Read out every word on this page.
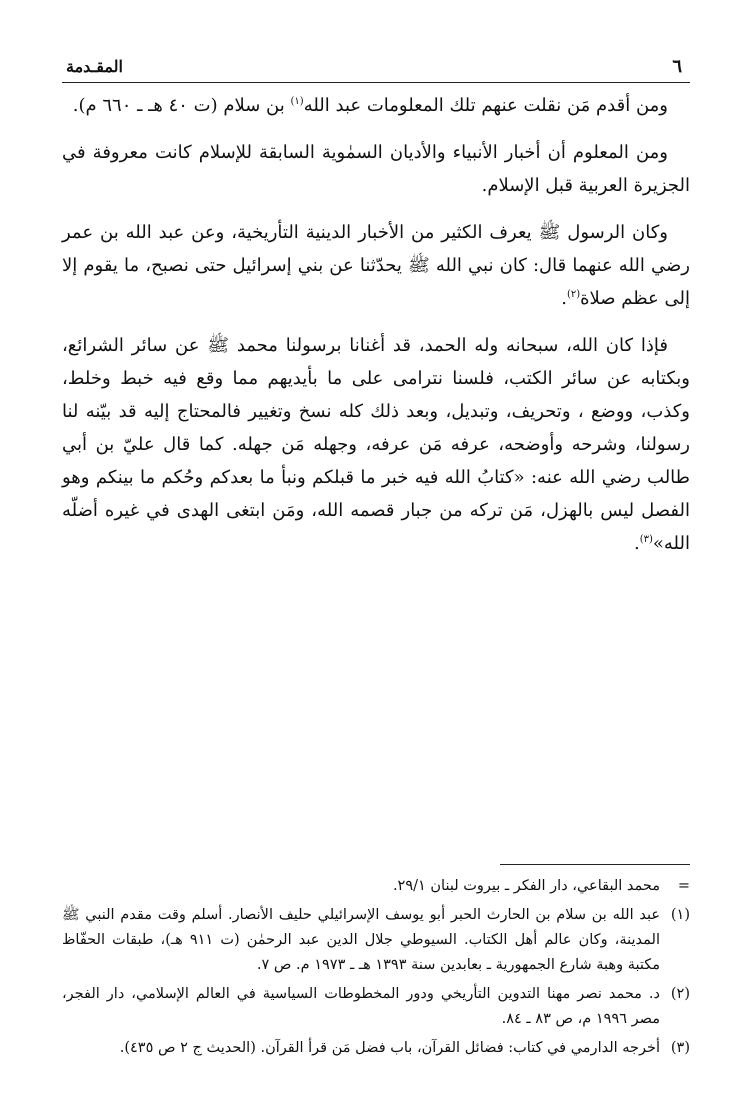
٦
المقـدمة

ومن أقدم مَن نقلت عنهم تلك المعلومات عبد الله$^{(١)}$ بن سلام (ت ٤٠ هـ ـ ٦٦٠ م).

ومن المعلوم أن أخبار الأنبياء والأديان السمٰوية السابقة للإسلام كانت معروفة في الجزيرة العربية قبل الإسلام.

وكان الرسول ﷺ يعرف الكثير من الأخبار الدينية التأريخية، وعن عبد الله بن عمر رضي الله عنهما قال: كان نبي الله ﷺ يحدّثنا عن بني إسرائيل حتى نصبح، ما يقوم إلا إلى عظم صلاة$^{(٢)}$.

فإذا كان الله، سبحانه وله الحمد، قد أغنانا برسولنا محمد ﷺ عن سائر الشرائع، وبكتابه عن سائر الكتب، فلسنا نترامى على ما بأيديهم مما وقع فيه خبط وخلط، وكذب، ووضع ، وتحريف، وتبديل، وبعد ذلك كله نسخ وتغيير فالمحتاج إليه قد بيّنه لنا رسولنا، وشرحه وأوضحه، عرفه مَن عرفه، وجهله مَن جهله. كما قال عليّ بن أبي طالب رضي الله عنه: «كتابُ الله فيه خبر ما قبلكم ونبأ ما بعدكم وحُكم ما بينكم وهو الفصل ليس بالهزل، مَن تركه من جبار قصمه الله، ومَن ابتغى الهدى في غيره أضلّه الله»$^{(٣)}$.

=
محمد البقاعي، دار الفكر ـ بيروت لبنان ٢٩/١.
(١)
عبد الله بن سلام بن الحارث الحبر أبو يوسف الإسرائيلي حليف الأنصار. أسلم وقت مقدم النبي ﷺ المدينة، وكان عالم أهل الكتاب. السيوطي جلال الدين عبد الرحمٰن (ت ٩١١ هـ)، طبقات الحفّاظ مكتبة وهبة شارع الجمهورية ـ بعابدين سنة ١٣٩٣ هـ ـ ١٩٧٣ م. ص ٧.
(٢)
د. محمد نصر مهنا التدوين التأريخي ودور المخطوطات السياسية في العالم الإسلامي، دار الفجر، مصر ١٩٩٦ م، ص ٨٣ ـ ٨٤.
(٣)
أخرجه الدارمي في كتاب: فضائل القرآن، باب فضل مَن قرأ القرآن. (الحديث ج ٢ ص ٤٣٥).
